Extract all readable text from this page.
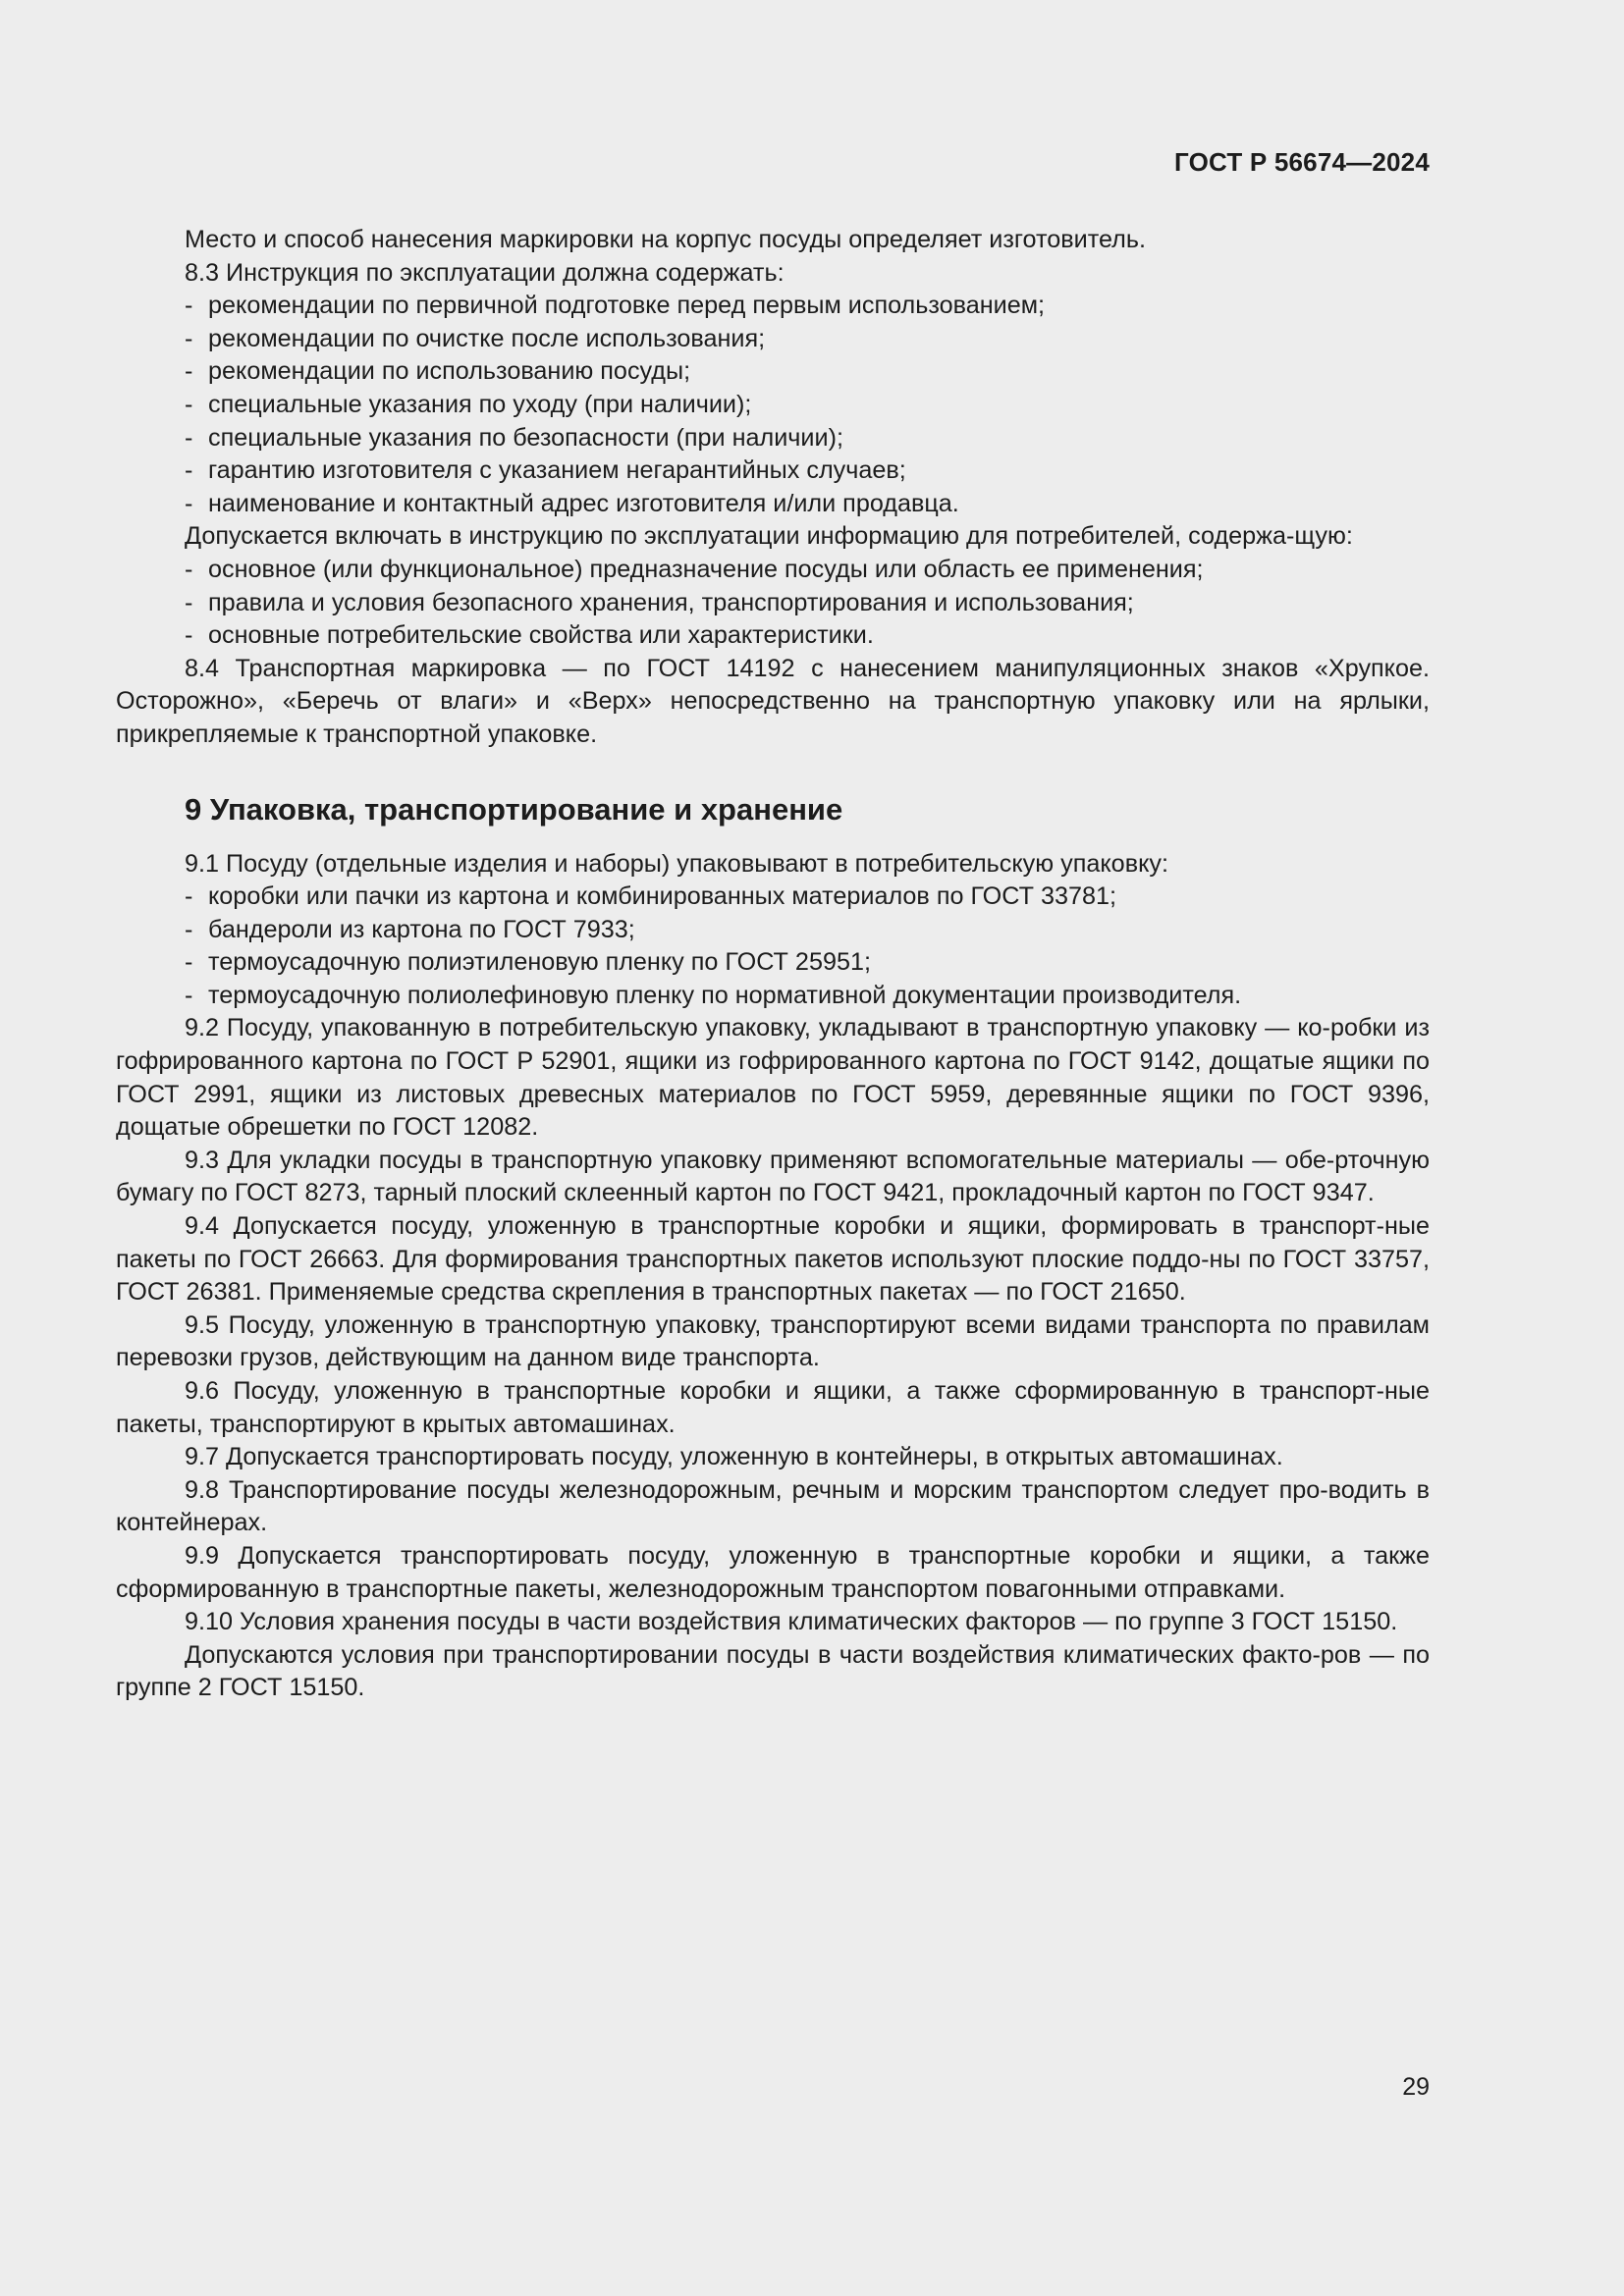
ГОСТ Р 56674—2024

Место и способ нанесения маркировки на корпус посуды определяет изготовитель.

8.3 Инструкция по эксплуатации должна содержать:

- рекомендации по первичной подготовке перед первым использованием;

- рекомендации по очистке после использования;

- рекомендации по использованию посуды;

- специальные указания по уходу (при наличии);

- специальные указания по безопасности (при наличии);

- гарантию изготовителя с указанием негарантийных случаев;

- наименование и контактный адрес изготовителя и/или продавца.

Допускается включать в инструкцию по эксплуатации информацию для потребителей, содержа-щую:

- основное (или функциональное) предназначение посуды или область ее применения;

- правила и условия безопасного хранения, транспортирования и использования;

- основные потребительские свойства или характеристики.

8.4 Транспортная маркировка — по ГОСТ 14192 с нанесением манипуляционных знаков «Хрупкое. Осторожно», «Беречь от влаги» и «Верх» непосредственно на транспортную упаковку или на ярлыки, прикрепляемые к транспортной упаковке.

9 Упаковка, транспортирование и хранение

9.1 Посуду (отдельные изделия и наборы) упаковывают в потребительскую упаковку:

- коробки или пачки из картона и комбинированных материалов по ГОСТ 33781;

- бандероли из картона по ГОСТ 7933;

- термоусадочную полиэтиленовую пленку по ГОСТ 25951;

- термоусадочную полиолефиновую пленку по нормативной документации производителя.

9.2 Посуду, упакованную в потребительскую упаковку, укладывают в транспортную упаковку — ко-робки из гофрированного картона по ГОСТ Р 52901, ящики из гофрированного картона по ГОСТ 9142, дощатые ящики по ГОСТ 2991, ящики из листовых древесных материалов по ГОСТ 5959, деревянные ящики по ГОСТ 9396, дощатые обрешетки по ГОСТ 12082.

9.3 Для укладки посуды в транспортную упаковку применяют вспомогательные материалы — обе-рточную бумагу по ГОСТ 8273, тарный плоский склеенный картон по ГОСТ 9421, прокладочный картон по ГОСТ 9347.

9.4 Допускается посуду, уложенную в транспортные коробки и ящики, формировать в транспорт-ные пакеты по ГОСТ 26663. Для формирования транспортных пакетов используют плоские поддо-ны по ГОСТ 33757, ГОСТ 26381. Применяемые средства скрепления в транспортных пакетах — по ГОСТ 21650.

9.5 Посуду, уложенную в транспортную упаковку, транспортируют всеми видами транспорта по правилам перевозки грузов, действующим на данном виде транспорта.

9.6 Посуду, уложенную в транспортные коробки и ящики, а также сформированную в транспорт-ные пакеты, транспортируют в крытых автомашинах.

9.7 Допускается транспортировать посуду, уложенную в контейнеры, в открытых автомашинах.

9.8 Транспортирование посуды железнодорожным, речным и морским транспортом следует про-водить в контейнерах.

9.9 Допускается транспортировать посуду, уложенную в транспортные коробки и ящики, а также сформированную в транспортные пакеты, железнодорожным транспортом повагонными отправками.

9.10 Условия хранения посуды в части воздействия климатических факторов — по группе 3 ГОСТ 15150.

Допускаются условия при транспортировании посуды в части воздействия климатических факто-ров — по группе 2 ГОСТ 15150.

29
